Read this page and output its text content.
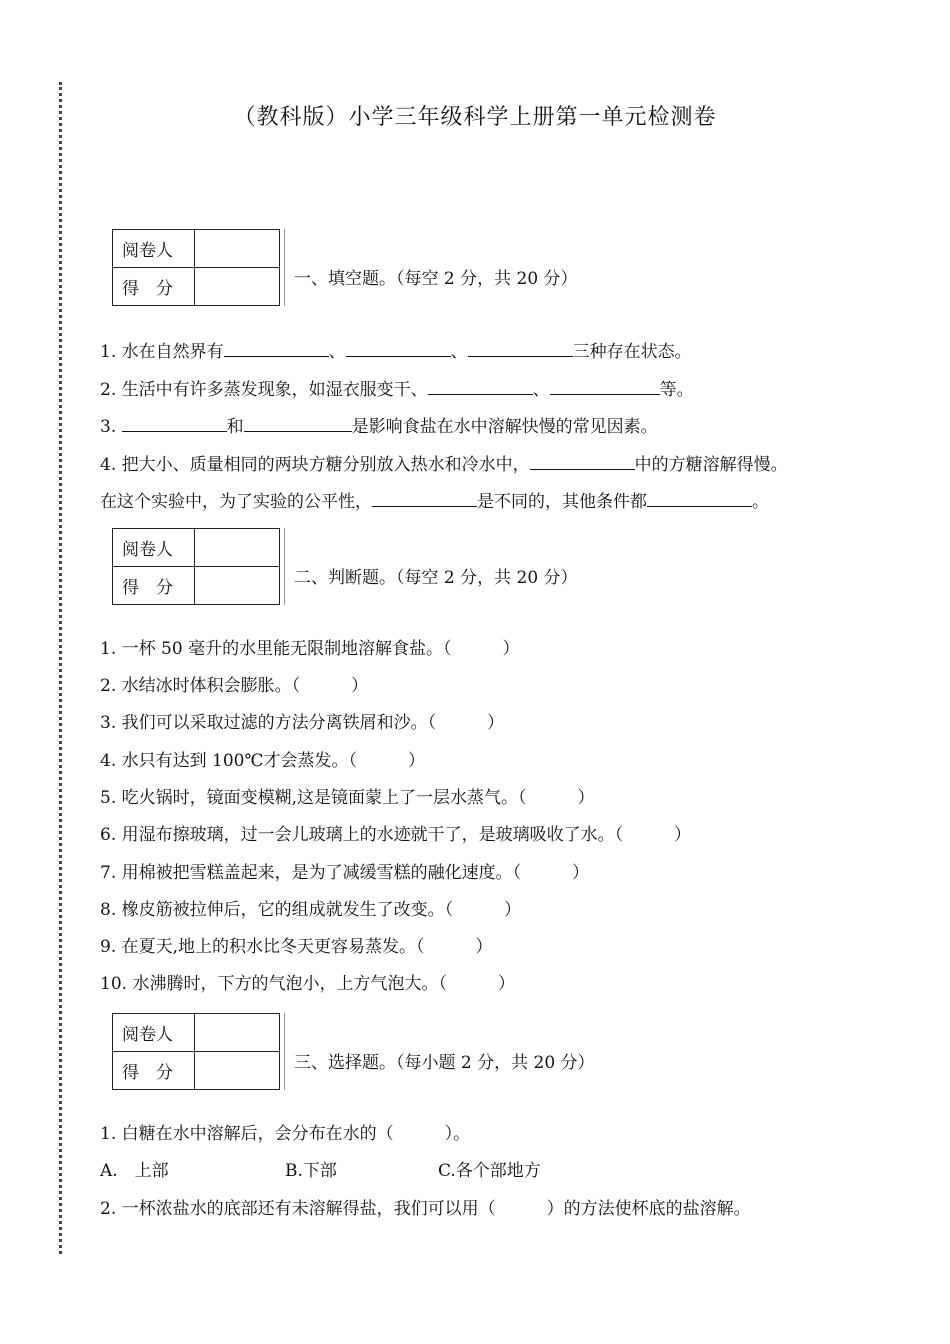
（教科版）小学三年级科学上册第一单元检测卷
阅卷人	
得　分		一、填空题。（每空 2 分，共 20 分）
1. 水在自然界有	、	、	三种存在状态。
2. 生活中有许多蒸发现象，如湿衣服变干、	、	等。
3.	和	是影响食盐在水中溶解快慢的常见因素。
4. 把大小、质量相同的两块方糖分别放入热水和冷水中，	中的方糖溶解得慢。
在这个实验中，为了实验的公平性，	是不同的，其他条件都	。
阅卷人	
得　分		二、判断题。（每空 2 分，共 20 分）
1. 一杯 50 毫升的水里能无限制地溶解食盐。（　　　）
2. 水结冰时体积会膨胀。（　　　）
3. 我们可以采取过滤的方法分离铁屑和沙。（　　　）
4. 水只有达到 100℃才会蒸发。（　　　）
5. 吃火锅时，镜面变模糊,这是镜面蒙上了一层水蒸气。（　　　）
6. 用湿布擦玻璃，过一会儿玻璃上的水迹就干了，是玻璃吸收了水。（　　　）
7. 用棉被把雪糕盖起来，是为了减缓雪糕的融化速度。（　　　）
8. 橡皮筋被拉伸后，它的组成就发生了改变。（　　　）
9. 在夏天,地上的积水比冬天更容易蒸发。（　　　）
10. 水沸腾时，下方的气泡小，上方气泡大。（　　　）
阅卷人	
得　分		三、选择题。（每小题 2 分，共 20 分）
1. 白糖在水中溶解后，会分布在水的（　　　）。
A.　上部	B.下部	C.各个部地方
2. 一杯浓盐水的底部还有未溶解得盐，我们可以用（　　　）的方法使杯底的盐溶解。
